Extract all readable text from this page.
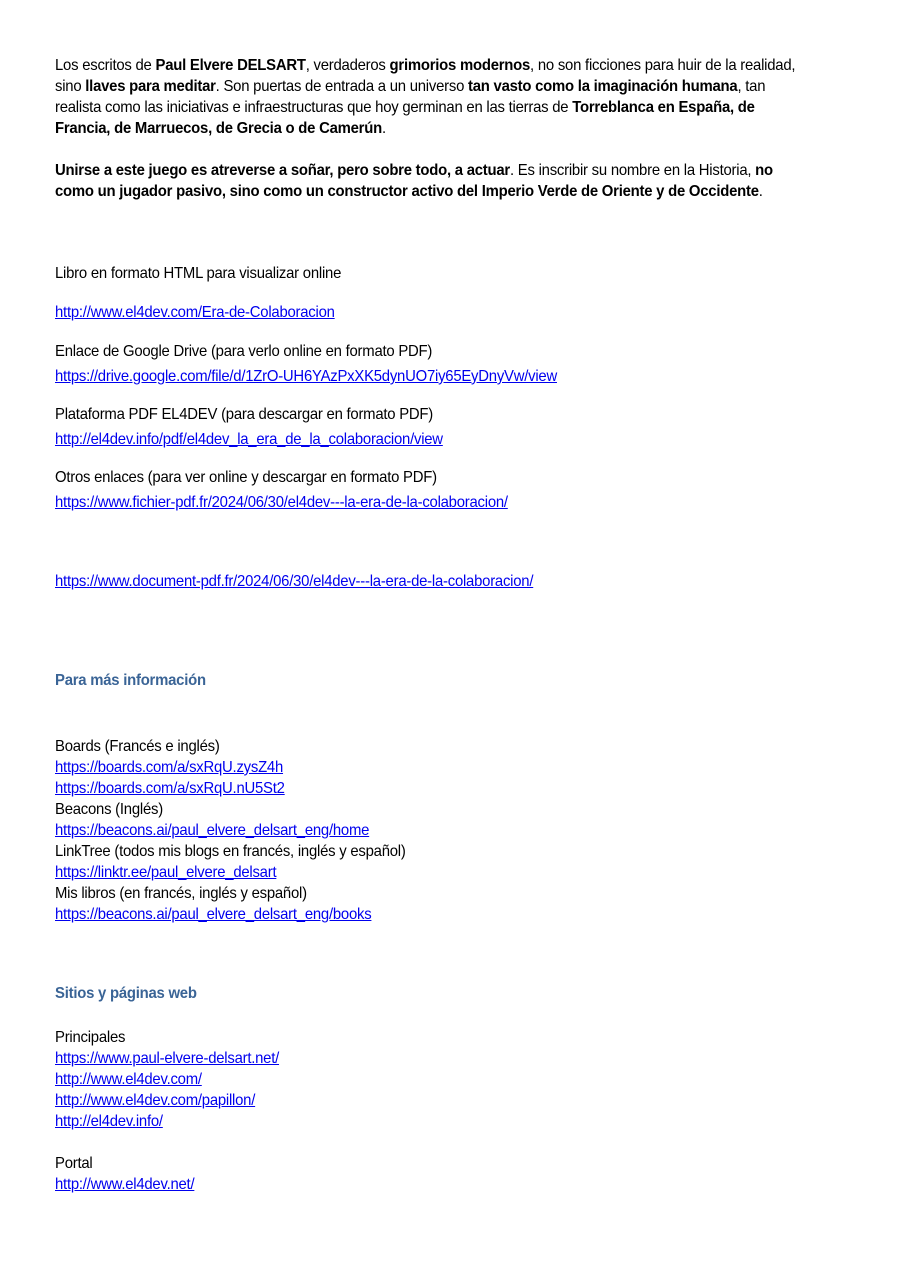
Los escritos de Paul Elvere DELSART, verdaderos grimorios modernos, no son ficciones para huir de la realidad, sino llaves para meditar. Son puertas de entrada a un universo tan vasto como la imaginación humana, tan realista como las iniciativas e infraestructuras que hoy germinan en las tierras de Torreblanca en España, de Francia, de Marruecos, de Grecia o de Camerún.
Unirse a este juego es atreverse a soñar, pero sobre todo, a actuar. Es inscribir su nombre en la Historia, no como un jugador pasivo, sino como un constructor activo del Imperio Verde de Oriente y de Occidente.
Libro en formato HTML para visualizar online
http://www.el4dev.com/Era-de-Colaboracion
Enlace de Google Drive (para verlo online en formato PDF)
https://drive.google.com/file/d/1ZrO-UH6YAzPxXK5dynUO7iy65EyDnyVw/view
Plataforma PDF EL4DEV (para descargar en formato PDF)
http://el4dev.info/pdf/el4dev_la_era_de_la_colaboracion/view
Otros enlaces (para ver online y descargar en formato PDF)
https://www.fichier-pdf.fr/2024/06/30/el4dev---la-era-de-la-colaboracion/
https://www.document-pdf.fr/2024/06/30/el4dev---la-era-de-la-colaboracion/
Para más información
Boards (Francés e inglés)
https://boards.com/a/sxRqU.zysZ4h
https://boards.com/a/sxRqU.nU5St2
Beacons (Inglés)
https://beacons.ai/paul_elvere_delsart_eng/home
LinkTree (todos mis blogs en francés, inglés y español)
https://linktr.ee/paul_elvere_delsart
Mis libros (en francés, inglés y español)
https://beacons.ai/paul_elvere_delsart_eng/books
Sitios y páginas web
Principales
https://www.paul-elvere-delsart.net/
http://www.el4dev.com/
http://www.el4dev.com/papillon/
http://el4dev.info/
Portal
http://www.el4dev.net/
